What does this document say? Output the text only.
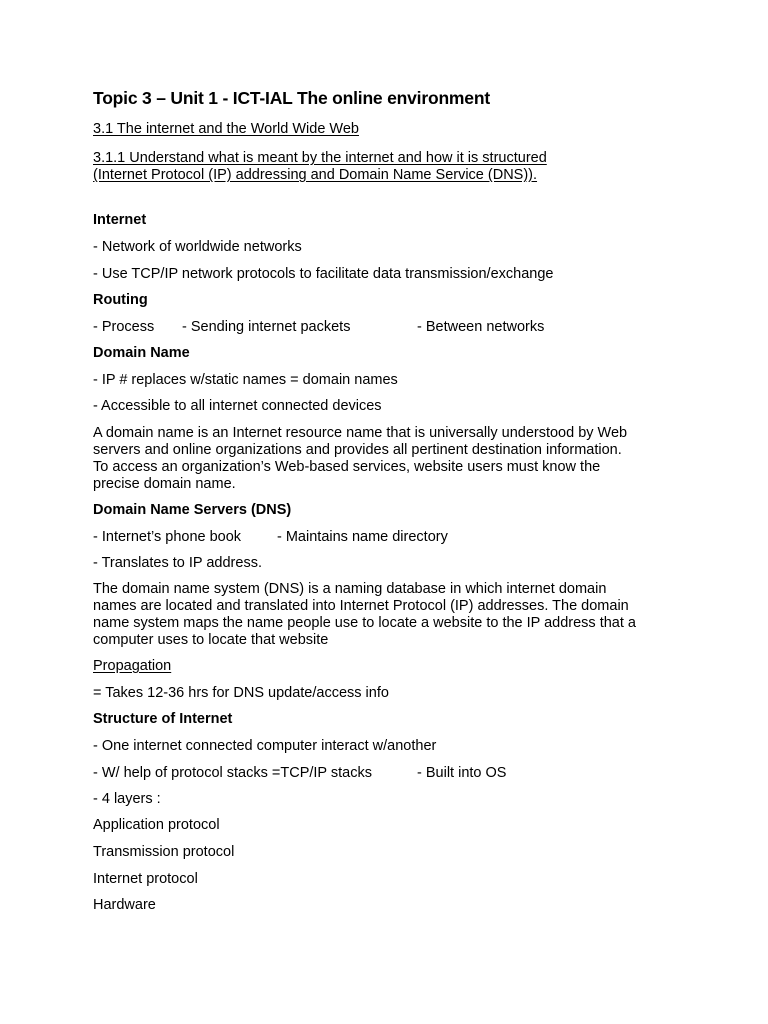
Topic 3 – Unit 1 - ICT-IAL The online environment
3.1 The internet and the World Wide Web
3.1.1 Understand what is meant by the internet and how it is structured
(Internet Protocol (IP) addressing and Domain Name Service (DNS)).
Internet
- Network of worldwide networks
- Use TCP/IP network protocols to facilitate data transmission/exchange
Routing
- Process - Sending internet packets	- Between networks
Domain Name
- IP # replaces w/static names = domain names
- Accessible to all internet connected devices
A domain name is an Internet resource name that is universally understood by Web
servers and online organizations and provides all pertinent destination information.
To access an organization’s Web-based services, website users must know the
precise domain name.
Domain Name Servers (DNS)
- Internet’s phone book - Maintains name directory
- Translates to IP address.
The domain name system (DNS) is a naming database in which internet domain
names are located and translated into Internet Protocol (IP) addresses. The domain
name system maps the name people use to locate a website to the IP address that a
computer uses to locate that website
Propagation
= Takes 12-36 hrs for DNS update/access info
Structure of Internet
- One internet connected computer interact w/another
- W/ help of protocol stacks =TCP/IP stacks	- Built into OS
- 4 layers :
Application protocol
Transmission protocol
Internet protocol
Hardware
